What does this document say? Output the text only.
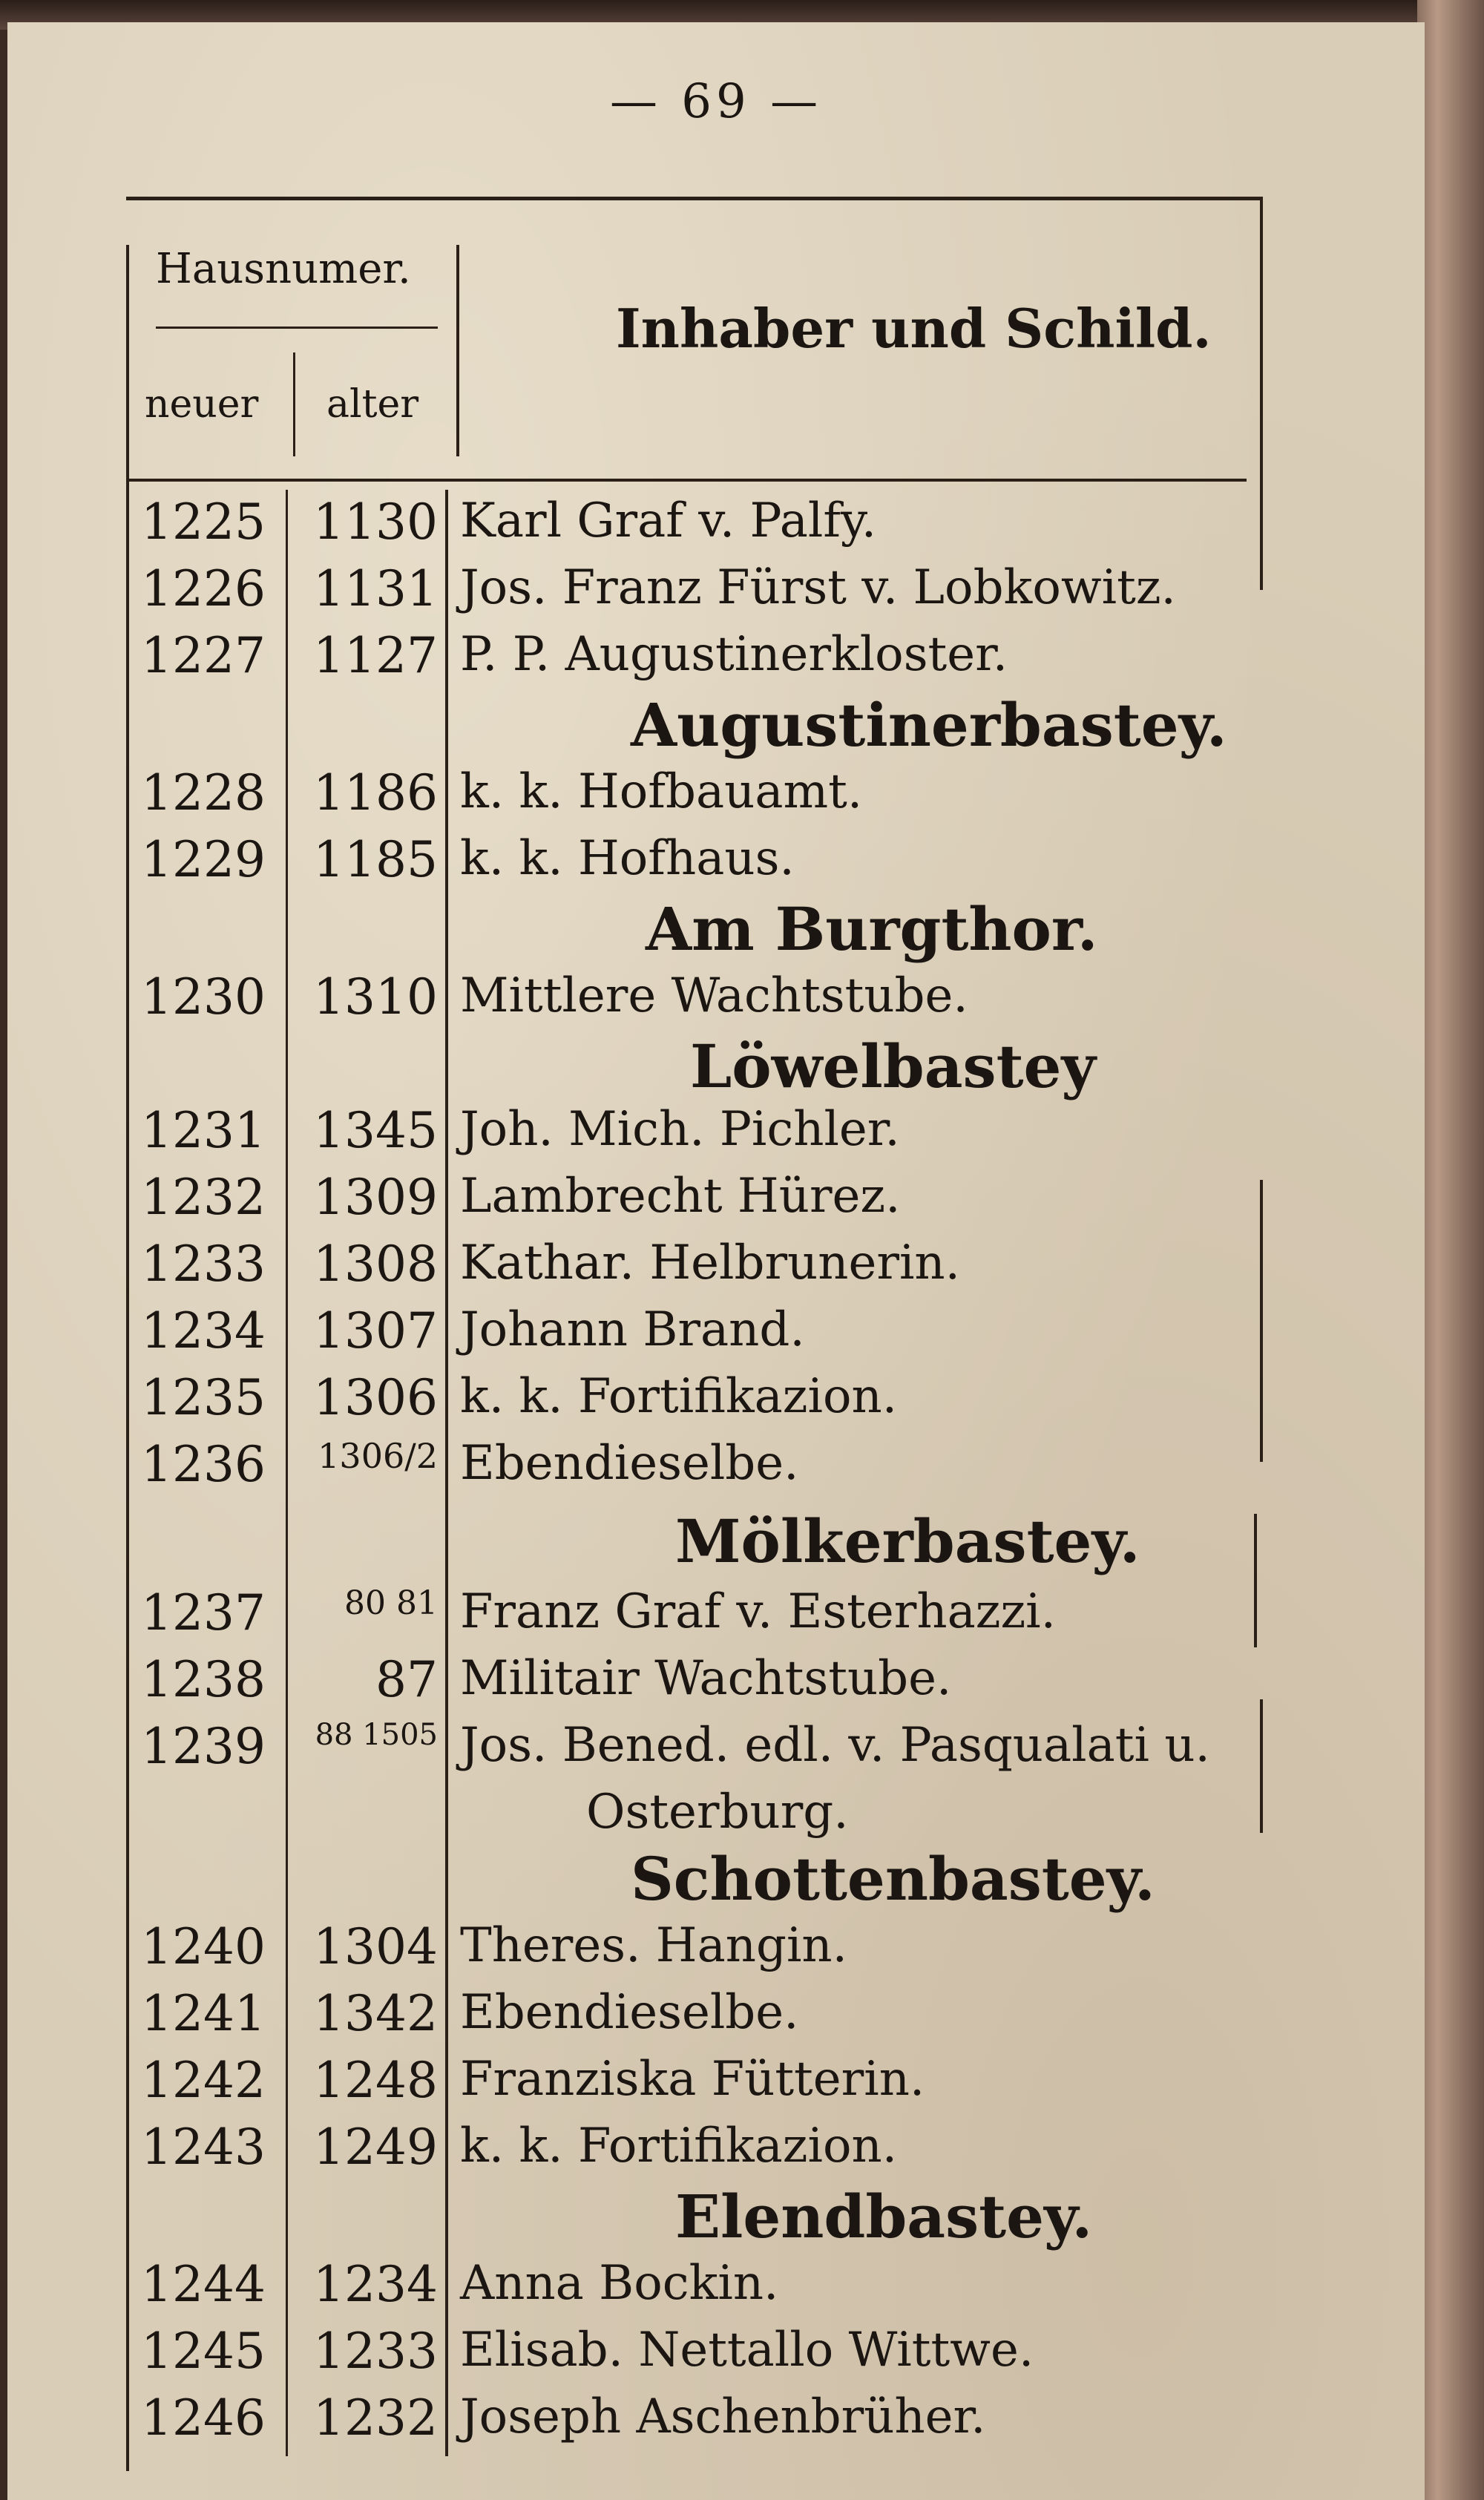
— 69 —
Hausnumer.
neuer alter
Inhaber und Schild.
1225 1130 Karl Graf v. Palfy.
1226 1131 Jos. Franz Fürst v. Lobkowitz.
1227 1127 P. P. Augustinerkloster.
Augustinerbastey.
1228 1186 k. k. Hofbauamt.
1229 1185 k. k. Hofhaus.
Am Burgthor.
1230 1310 Mittlere Wachtstube.
Löwelbastey
1231 1345 Joh. Mich. Pichler.
1232 1309 Lambrecht Hürez.
1233 1308 Kathar. Helbrunerin.
1234 1307 Johann Brand.
1235 1306 k. k. Fortifikazion.
1236	1306/2 Ebendieselbe.
Mölkerbastey.
1237	80 81 Franz Graf v. Esterhazzi.
1238	87 Militair Wachtstube.
1239	88 1505 Jos. Bened. edl. v. Pasqualati u.
Osterburg.
Schottenbastey.
1240 1304 Theres. Hangin.
1241 1342 Ebendieselbe.
1242 1248 Franziska Fütterin.
1243 1249 k. k. Fortifikazion.
Elendbastey.
1244 1234 Anna Bockin.
1245 1233 Elisab. Nettallo Wittwe.
1246 1232 Joseph Aschenbrüher.
